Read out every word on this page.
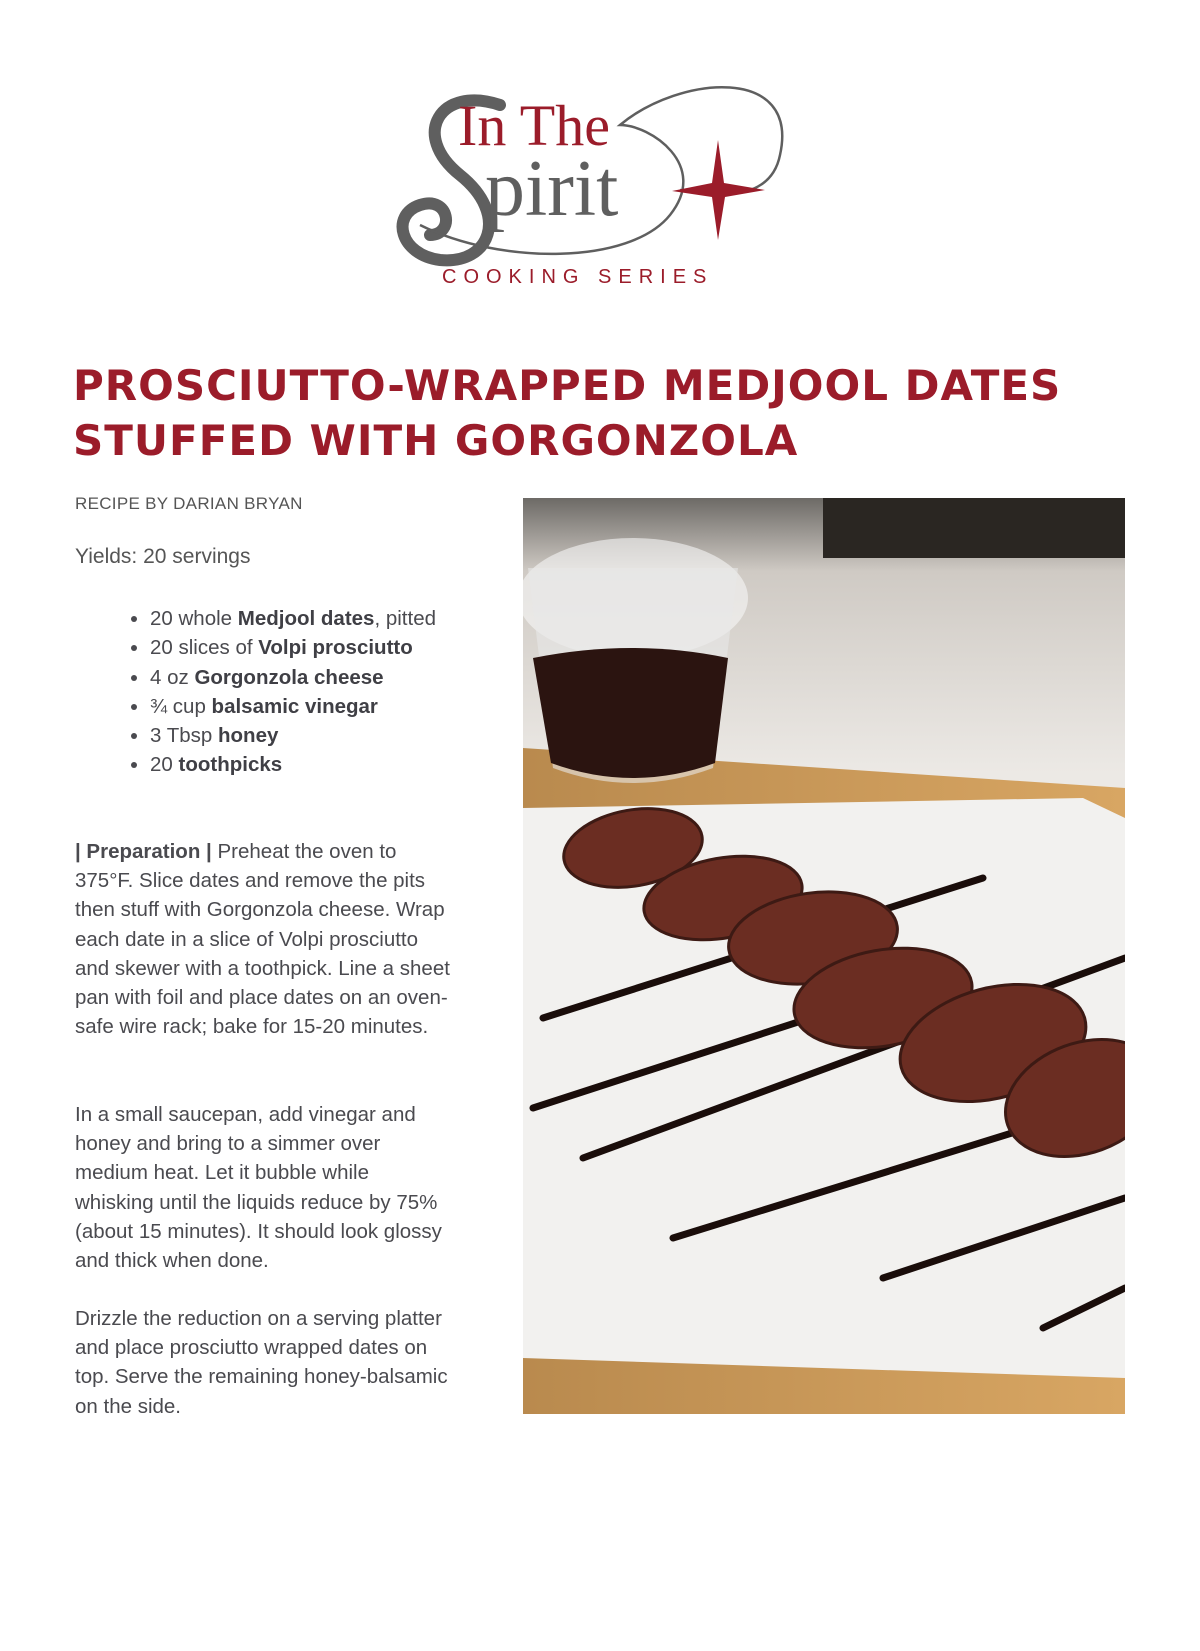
In The
pirit
COOKING SERIES
PROSCIUTTO-WRAPPED MEDJOOL DATES
STUFFED WITH GORGONZOLA
RECIPE BY DARIAN BRYAN
Yields: 20 servings
• 20 whole Medjool dates, pitted
• 20 slices of Volpi prosciutto
• 4 oz Gorgonzola cheese
• ¾ cup balsamic vinegar
• 3 Tbsp honey
• 20 toothpicks

| Preparation | Preheat the oven to 375°F. Slice dates and remove the pits then stuff with Gorgonzola cheese. Wrap each date in a slice of Volpi prosciutto and skewer with a toothpick. Line a sheet pan with foil and place dates on an oven-safe wire rack; bake for 15-20 minutes.

In a small saucepan, add vinegar and honey and bring to a simmer over medium heat. Let it bubble while whisking until the liquids reduce by 75% (about 15 minutes). It should look glossy and thick when done.

Drizzle the reduction on a serving platter and place prosciutto wrapped dates on top. Serve the remaining honey-balsamic on the side.
